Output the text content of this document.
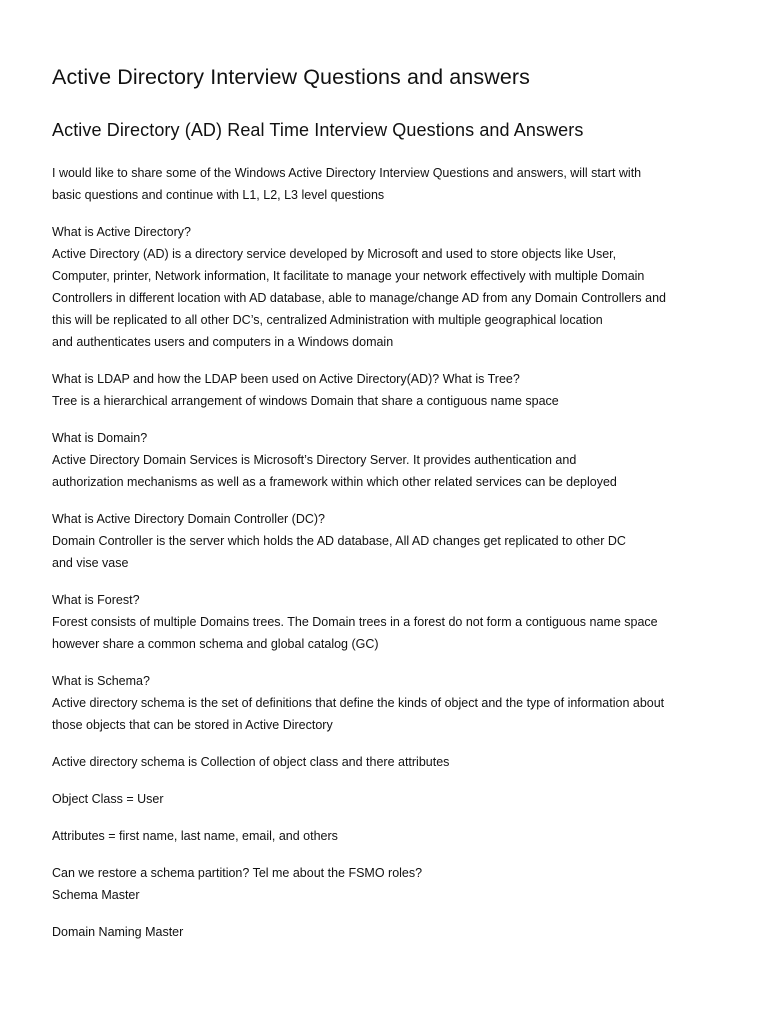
Active Directory Interview Questions and answers
Active Directory (AD) Real Time Interview Questions and Answers

I would like to share some of the Windows Active Directory Interview Questions and answers, will start with

basic questions and continue with L1, L2, L3 level questions

What is Active Directory?

Active Directory (AD) is a directory service developed by Microsoft and used to store objects like User,

Computer, printer, Network information, It facilitate to manage your network effectively with multiple Domain

Controllers in different location with AD database, able to manage/change AD from any Domain Controllers and

this will be replicated to all other DC’s, centralized Administration with multiple geographical location

and authenticates users and computers in a Windows domain

What is LDAP and how the LDAP been used on Active Directory(AD)? What is Tree?

Tree is a hierarchical arrangement of windows Domain that share a contiguous name space

What is Domain?

Active Directory Domain Services is Microsoft’s Directory Server. It provides authentication and

authorization mechanisms as well as a framework within which other related services can be deployed

What is Active Directory Domain Controller (DC)?

Domain Controller is the server which holds the AD database, All AD changes get replicated to other DC

and vise vase

What is Forest?

Forest consists of multiple Domains trees. The Domain trees in a forest do not form a contiguous name space

however share a common schema and global catalog (GC)

What is Schema?

Active directory schema is the set of definitions that define the kinds of object and the type of information about

those objects that can be stored in Active Directory

Active directory schema is Collection of object class and there attributes

Object Class = User

Attributes = first name, last name, email, and others

Can we restore a schema partition? Tel me about the FSMO roles?

Schema Master

Domain Naming Master
